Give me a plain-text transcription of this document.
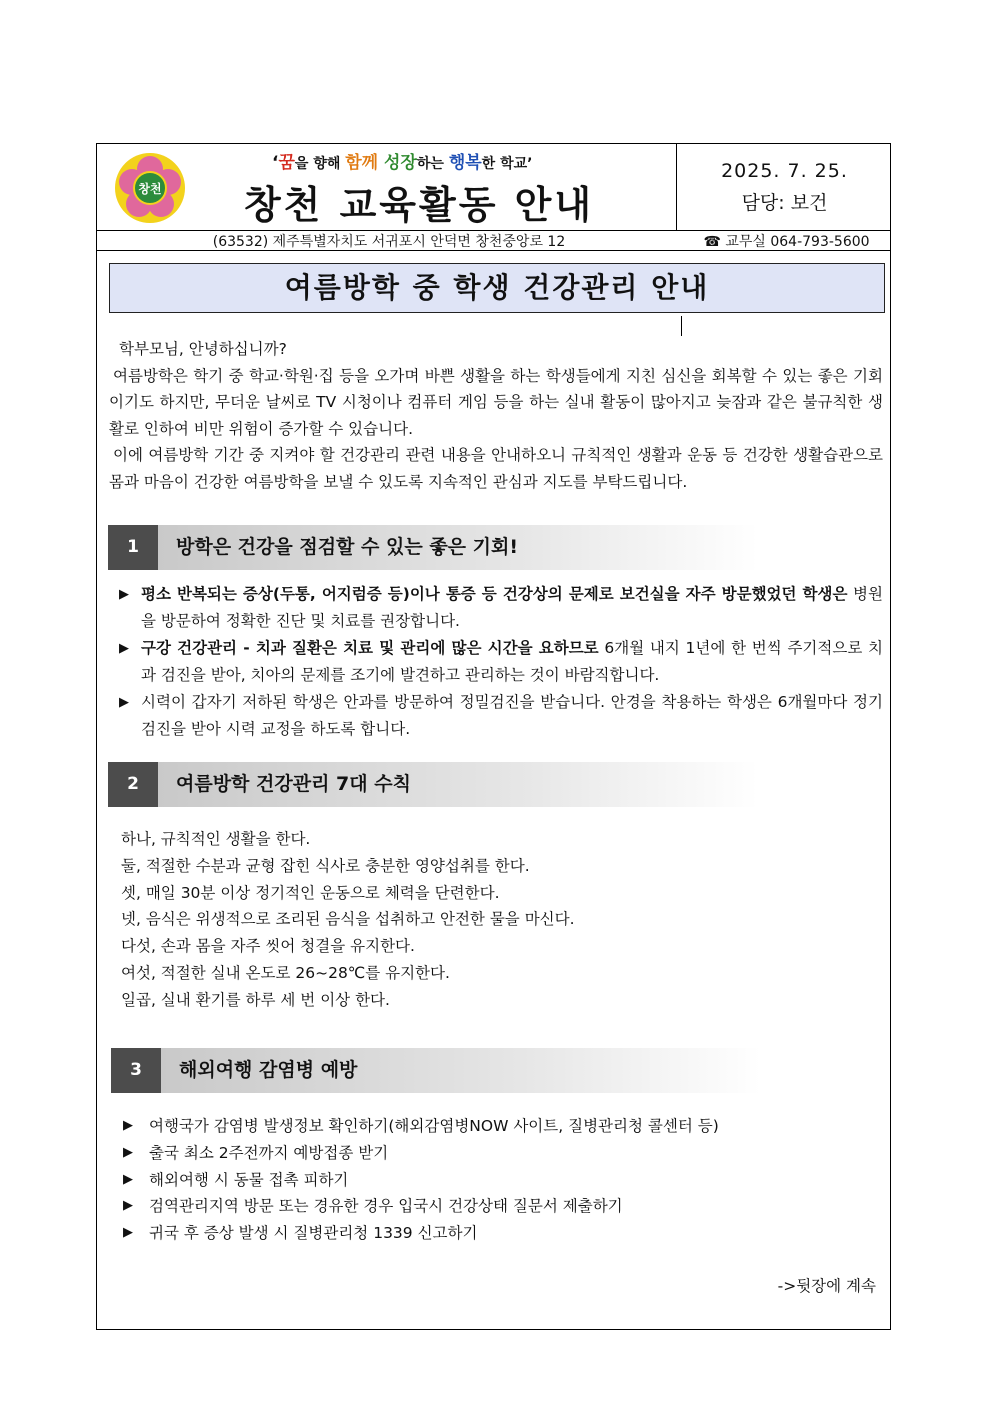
창천
‘꿈을 향해 함께 성장하는 행복한 학교’
창천 교육활동 안내
2025. 7. 25.
담당: 보건
(63532) 제주특별자치도 서귀포시 안덕면 창천중앙로 12	☎ 교무실 064-793-5600
여름방학 중 학생 건강관리 안내

학부모님, 안녕하십니까?

여름방학은 학기 중 학교·학원·집 등을 오가며 바쁜 생활을 하는 학생들에게 지친 심신을 회복할 수 있는 좋은 기회이기도 하지만, 무더운 날씨로 TV 시청이나 컴퓨터 게임 등을 하는 실내 활동이 많아지고 늦잠과 같은 불규칙한 생활로 인하여 비만 위험이 증가할 수 있습니다.

이에 여름방학 기간 중 지켜야 할 건강관리 관련 내용을 안내하오니 규칙적인 생활과 운동 등 건강한 생활습관으로 몸과 마음이 건강한 여름방학을 보낼 수 있도록 지속적인 관심과 지도를 부탁드립니다.

1	방학은 건강을 점검할 수 있는 좋은 기회!
▶ 평소 반복되는 증상(두통, 어지럼증 등)이나 통증 등 건강상의 문제로 보건실을 자주 방문했었던 학생은 병원을 방문하여 정확한 진단 및 치료를 권장합니다.
▶ 구강 건강관리 - 치과 질환은 치료 및 관리에 많은 시간을 요하므로 6개월 내지 1년에 한 번씩 주기적으로 치과 검진을 받아, 치아의 문제를 조기에 발견하고 관리하는 것이 바람직합니다.
▶ 시력이 갑자기 저하된 학생은 안과를 방문하여 정밀검진을 받습니다. 안경을 착용하는 학생은 6개월마다 정기검진을 받아 시력 교정을 하도록 합니다.
2	여름방학 건강관리 7대 수칙
하나, 규칙적인 생활을 한다.
둘, 적절한 수분과 균형 잡힌 식사로 충분한 영양섭취를 한다.
셋, 매일 30분 이상 정기적인 운동으로 체력을 단련한다.
넷, 음식은 위생적으로 조리된 음식을 섭취하고 안전한 물을 마신다.
다섯, 손과 몸을 자주 씻어 청결을 유지한다.
여섯, 적절한 실내 온도로 26~28℃를 유지한다.
일곱, 실내 환기를 하루 세 번 이상 한다.
3	해외여행 감염병 예방
▶ 여행국가 감염병 발생정보 확인하기(해외감염병NOW 사이트, 질병관리청 콜센터 등)
▶ 출국 최소 2주전까지 예방접종 받기
▶ 해외여행 시 동물 접촉 피하기
▶ 검역관리지역 방문 또는 경유한 경우 입국시 건강상태 질문서 제출하기
▶ 귀국 후 증상 발생 시 질병관리청 1339 신고하기
->뒷장에 계속
